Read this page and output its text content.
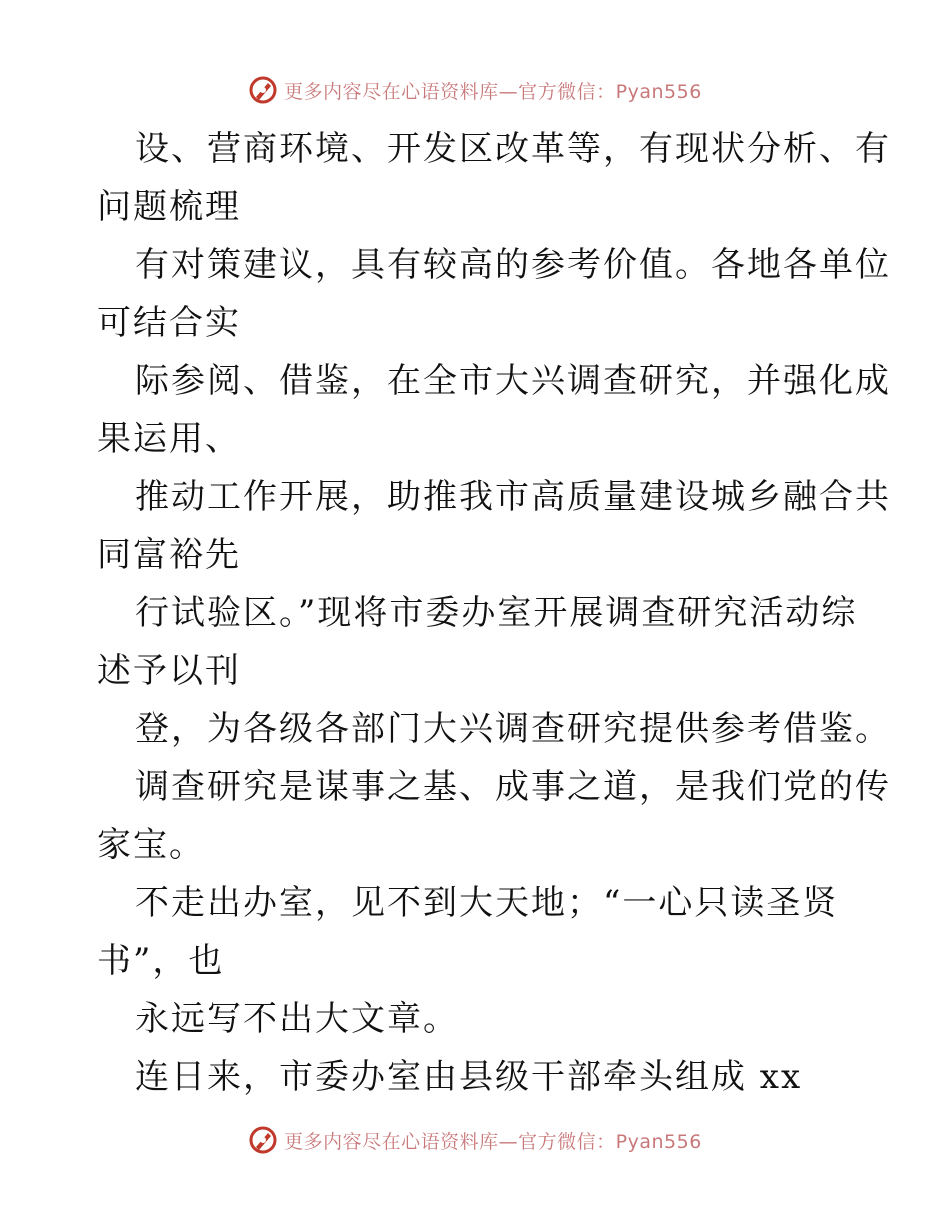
更多内容尽在心语资料库—官方微信：Pyan556
设、营商环境、开发区改革等，有现状分析、有
问题梳理
有对策建议，具有较高的参考价值。各地各单位
可结合实
际参阅、借鉴，在全市大兴调查研究，并强化成
果运用、
推动工作开展，助推我市高质量建设城乡融合共
同富裕先
行试验区。”现将市委办室开展调查研究活动综
述予以刊
登，为各级各部门大兴调查研究提供参考借鉴。
调查研究是谋事之基、成事之道，是我们党的传
家宝。
不走出办室，见不到大天地；“一心只读圣贤
书”，也
永远写不出大文章。
连日来，市委办室由县级干部牵头组成 xx
更多内容尽在心语资料库—官方微信：Pyan556
